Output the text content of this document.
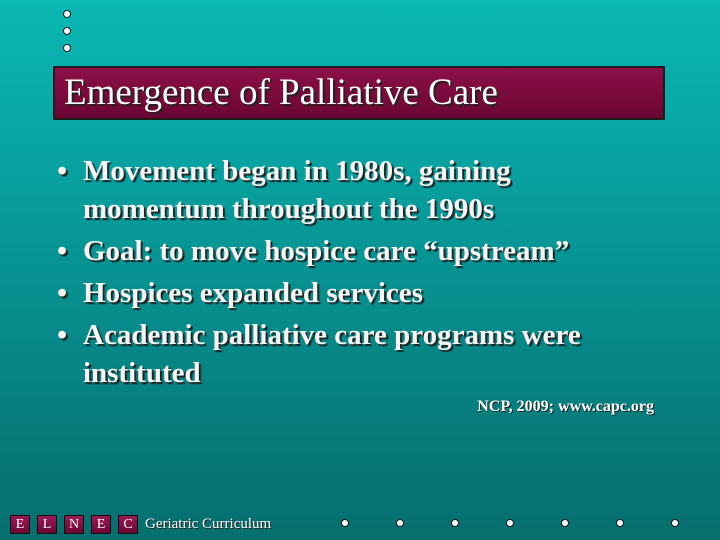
Emergence of Palliative Care
• Movement began in 1980s, gaining momentum throughout the 1990s
• Goal: to move hospice care “upstream”
• Hospices expanded services
• Academic palliative care programs were instituted

NCP, 2009; www.capc.org

E	L	N	E	C Geriatric Curriculum
